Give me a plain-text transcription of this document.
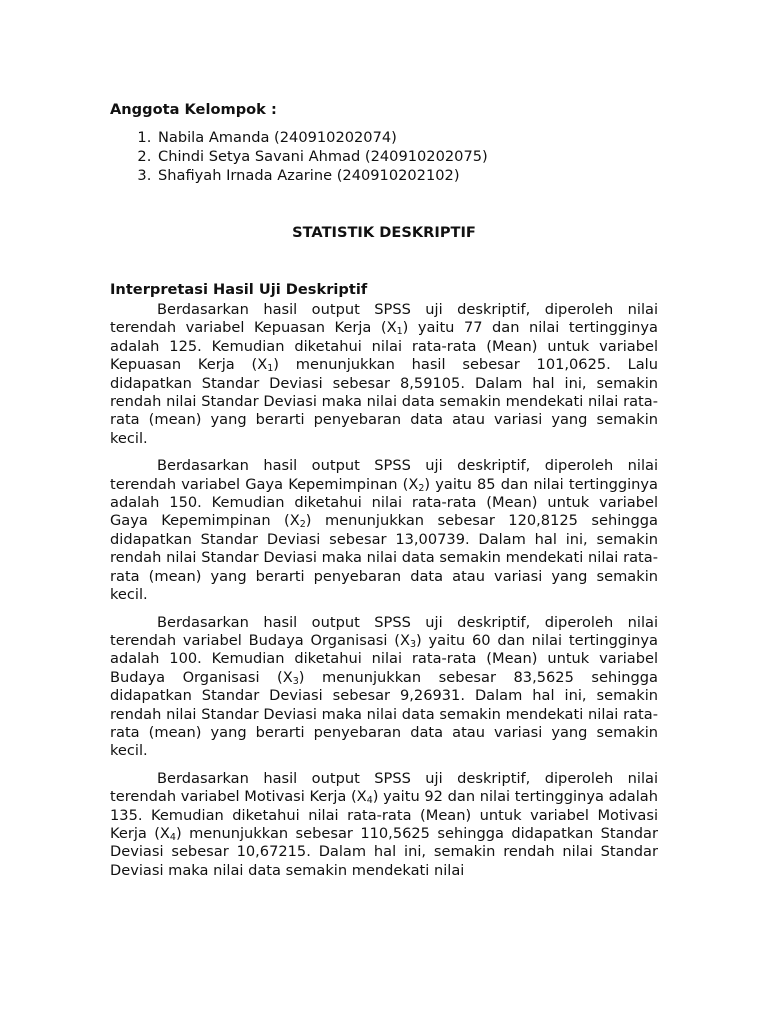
Anggota Kelompok :

1. Nabila Amanda (240910202074)
2. Chindi Setya Savani Ahmad (240910202075)
3. Shafiyah Irnada Azarine (240910202102)

STATISTIK DESKRIPTIF

Interpretasi Hasil Uji Deskriptif

Berdasarkan hasil output SPSS uji deskriptif, diperoleh nilai terendah variabel Kepuasan Kerja $(X_1)$ yaitu 77 dan nilai tertingginya adalah 125. Kemudian diketahui nilai rata-rata (Mean) untuk variabel Kepuasan Kerja $(X_1)$ menunjukkan hasil sebesar 101,0625. Lalu didapatkan Standar Deviasi sebesar 8,59105. Dalam hal ini, semakin rendah nilai Standar Deviasi maka nilai data semakin mendekati nilai rata-rata (mean) yang berarti penyebaran data atau variasi yang semakin kecil.

Berdasarkan hasil output SPSS uji deskriptif, diperoleh nilai terendah variabel Gaya Kepemimpinan $(X_2)$ yaitu 85 dan nilai tertingginya adalah 150. Kemudian diketahui nilai rata-rata (Mean) untuk variabel Gaya Kepemimpinan $(X_2)$ menunjukkan sebesar 120,8125 sehingga didapatkan Standar Deviasi sebesar 13,00739. Dalam hal ini, semakin rendah nilai Standar Deviasi maka nilai data semakin mendekati nilai rata-rata (mean) yang berarti penyebaran data atau variasi yang semakin kecil.

Berdasarkan hasil output SPSS uji deskriptif, diperoleh nilai terendah variabel Budaya Organisasi $(X_3)$ yaitu 60 dan nilai tertingginya adalah 100. Kemudian diketahui nilai rata-rata (Mean) untuk variabel Budaya Organisasi $(X_3)$ menunjukkan sebesar 83,5625 sehingga didapatkan Standar Deviasi sebesar 9,26931. Dalam hal ini, semakin rendah nilai Standar Deviasi maka nilai data semakin mendekati nilai rata-rata (mean) yang berarti penyebaran data atau variasi yang semakin kecil.

Berdasarkan hasil output SPSS uji deskriptif, diperoleh nilai terendah variabel Motivasi Kerja $(X_4)$ yaitu 92 dan nilai tertingginya adalah 135. Kemudian diketahui nilai rata-rata (Mean) untuk variabel Motivasi Kerja $(X_4)$ menunjukkan sebesar 110,5625 sehingga didapatkan Standar Deviasi sebesar 10,67215. Dalam hal ini, semakin rendah nilai Standar Deviasi maka nilai data semakin mendekati nilai
